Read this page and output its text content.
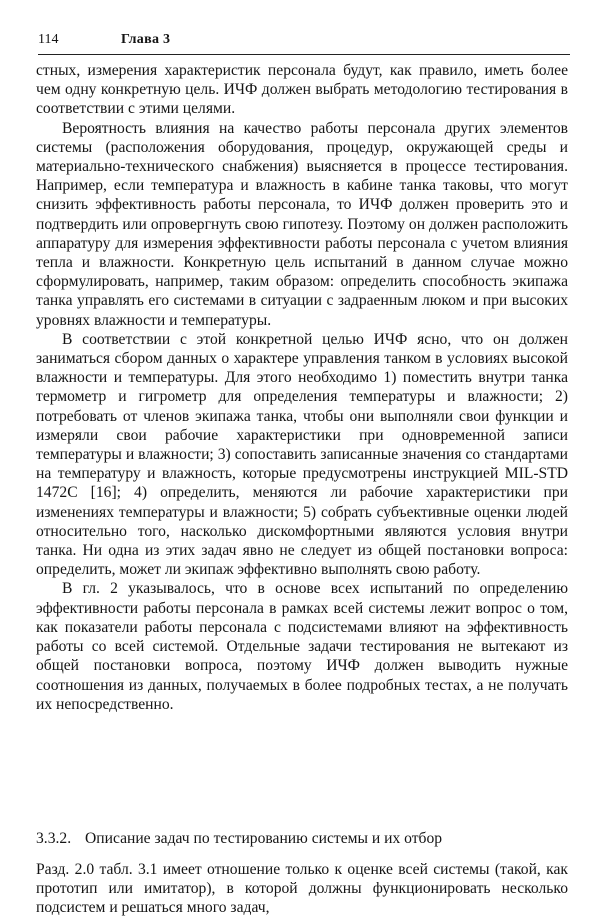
114	Глава 3

стных, измерения характеристик персонала будут, как правило, иметь более чем одну конкретную цель. ИЧФ должен выбрать методологию тестирования в соответствии с этими целями.

Вероятность влияния на качество работы персонала других элементов системы (расположения оборудования, процедур, окружающей среды и материально-технического снабжения) выясняется в процессе тестирования. Например, если температура и влажность в кабине танка таковы, что могут снизить эффективность работы персонала, то ИЧФ должен проверить это и подтвердить или опровергнуть свою гипотезу. Поэтому он должен расположить аппаратуру для измерения эффективности работы персонала с учетом влияния тепла и влажности. Конкретную цель испытаний в данном случае можно сформулировать, например, таким образом: определить способность экипажа танка управлять его системами в ситуации с задраенным люком и при высоких уровнях влажности и температуры.

В соответствии с этой конкретной целью ИЧФ ясно, что он должен заниматься сбором данных о характере управления танком в условиях высокой влажности и температуры. Для этого необходимо 1) поместить внутри танка термометр и гигрометр для определения температуры и влажности; 2) потребовать от членов экипажа танка, чтобы они выполняли свои функции и измеряли свои рабочие характеристики при одновременной записи температуры и влажности; 3) сопоставить записанные значения со стандартами на температуру и влажность, которые предусмотрены инструкцией MIL-STD 1472C [16]; 4) определить, меняются ли рабочие характеристики при изменениях температуры и влажности; 5) собрать субъективные оценки людей относительно того, насколько дискомфортными являются условия внутри танка. Ни одна из этих задач явно не следует из общей постановки вопроса: определить, может ли экипаж эффективно выполнять свою работу.

В гл. 2 указывалось, что в основе всех испытаний по определению эффективности работы персонала в рамках всей системы лежит вопрос о том, как показатели работы персонала с подсистемами влияют на эффективность работы со всей системой. Отдельные задачи тестирования не вытекают из общей постановки вопроса, поэтому ИЧФ должен выводить нужные соотношения из данных, получаемых в более подробных тестах, а не получать их непосредственно.

3.3.2. Описание задач по тестированию системы и их отбор

Разд. 2.0 табл. 3.1 имеет отношение только к оценке всей системы (такой, как прототип или имитатор), в которой должны функционировать несколько подсистем и решаться много задач,
